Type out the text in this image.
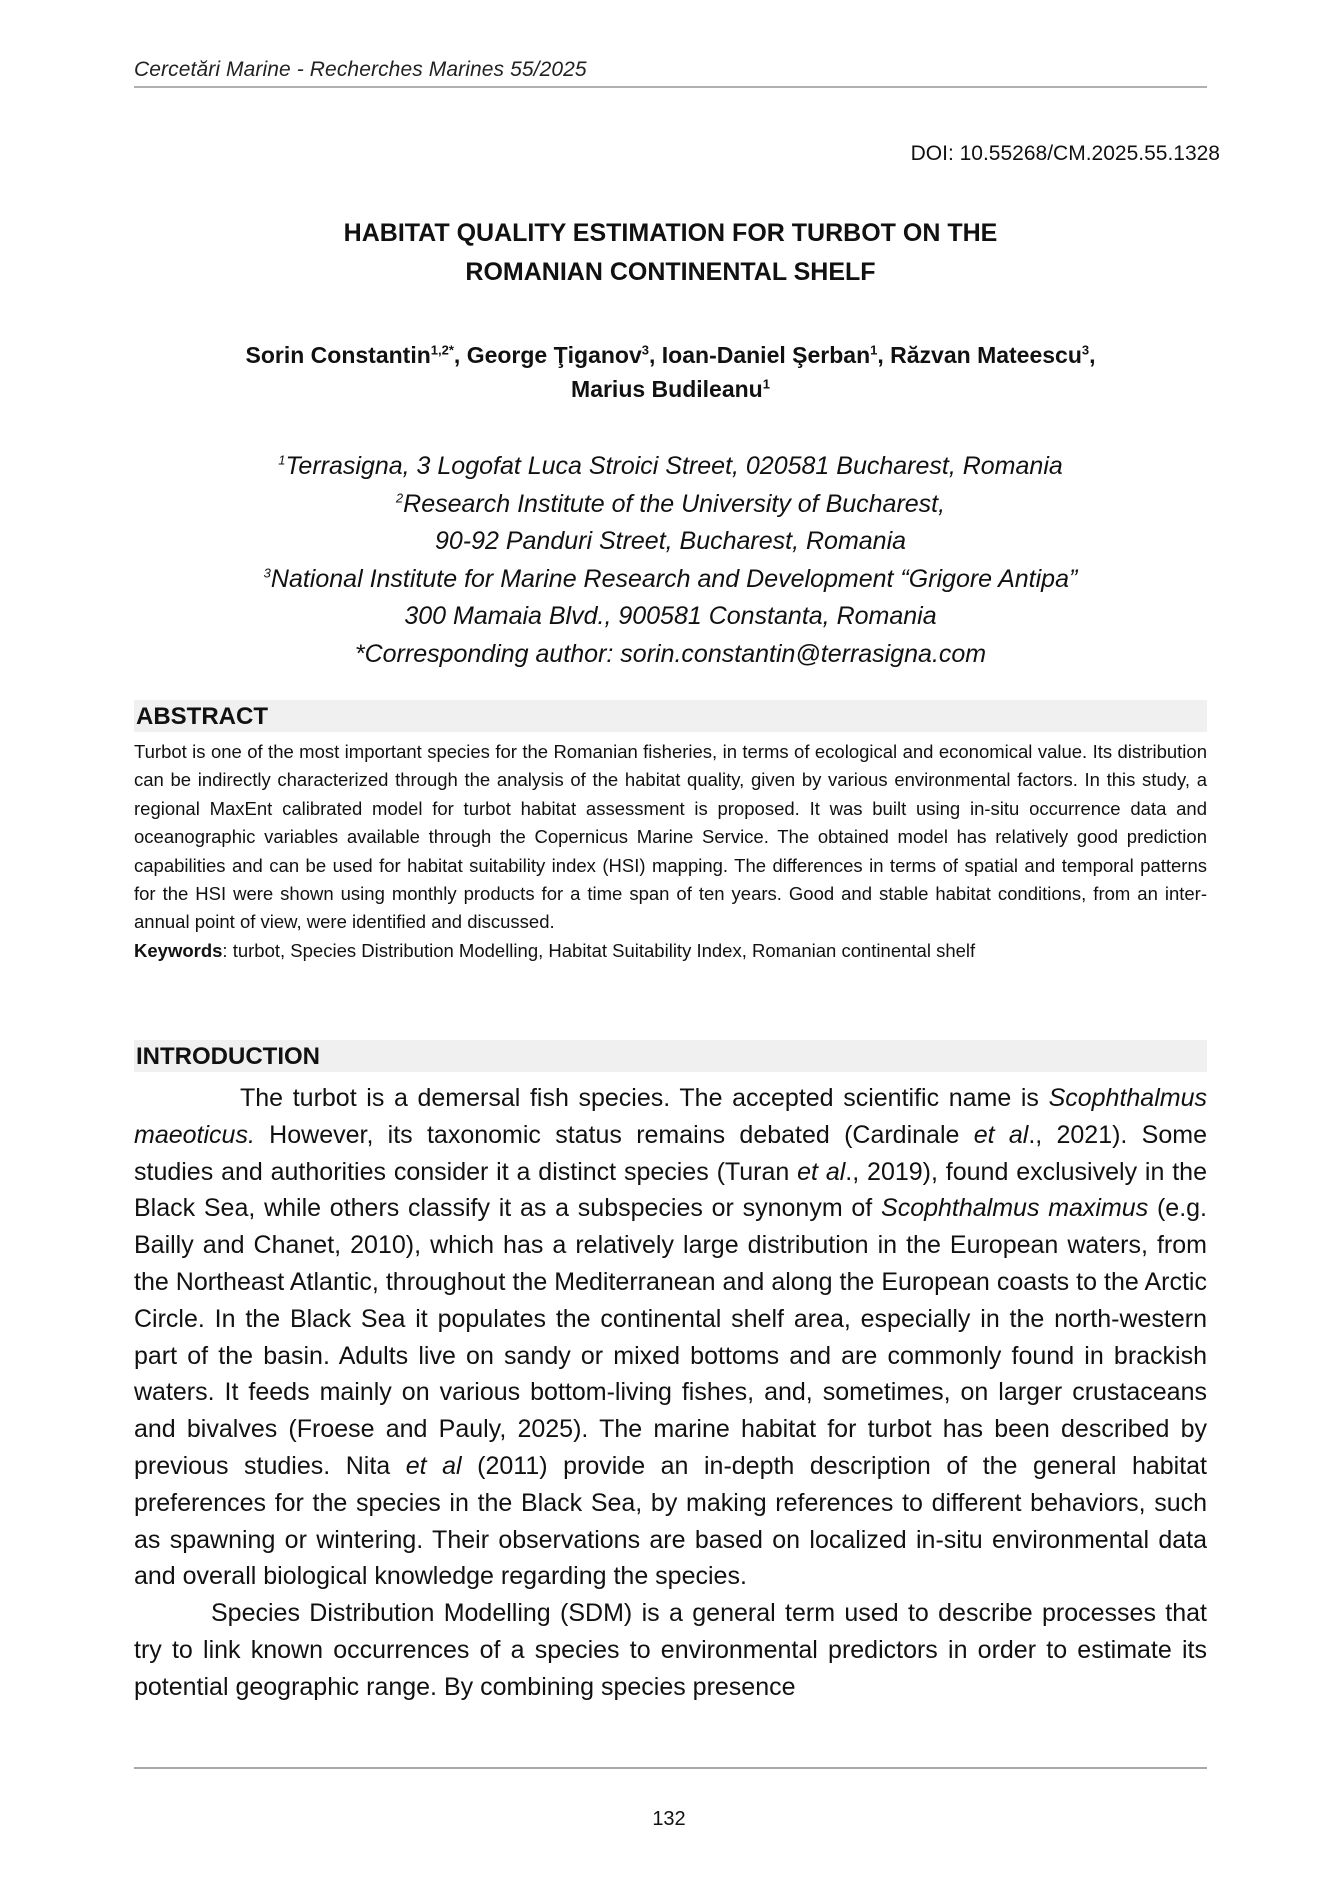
Cercetări Marine - Recherches Marines 55/2025
DOI: 10.55268/CM.2025.55.1328
HABITAT QUALITY ESTIMATION FOR TURBOT ON THE
ROMANIAN CONTINENTAL SHELF
Sorin Constantin$^{1,2*}$, George Ţiganov$^3$, Ioan-Daniel Şerban$^1$, Răzvan Mateescu$^3$,
Marius Budileanu$^1$
$^1$Terrasigna, 3 Logofat Luca Stroici Street, 020581 Bucharest, Romania
$^2$Research Institute of the University of Bucharest,
90-92 Panduri Street, Bucharest, Romania
$^3$National Institute for Marine Research and Development “Grigore Antipa”
300 Mamaia Blvd., 900581 Constanta, Romania
*Corresponding author: sorin.constantin@terrasigna.com
ABSTRACT
Turbot is one of the most important species for the Romanian fisheries, in terms of ecological and economical value. Its distribution can be indirectly characterized through the analysis of the habitat quality, given by various environmental factors. In this study, a regional MaxEnt calibrated model for turbot habitat assessment is proposed. It was built using in-situ occurrence data and oceanographic variables available through the Copernicus Marine Service. The obtained model has relatively good prediction capabilities and can be used for habitat suitability index (HSI) mapping. The differences in terms of spatial and temporal patterns for the HSI were shown using monthly products for a time span of ten years. Good and stable habitat conditions, from an inter-annual point of view, were identified and discussed.
Keywords: turbot, Species Distribution Modelling, Habitat Suitability Index, Romanian continental shelf
INTRODUCTION

The turbot is a demersal fish species. The accepted scientific name is Scophthalmus maeoticus. However, its taxonomic status remains debated (Cardinale et al., 2021). Some studies and authorities consider it a distinct species (Turan et al., 2019), found exclusively in the Black Sea, while others classify it as a subspecies or synonym of Scophthalmus maximus (e.g. Bailly and Chanet, 2010), which has a relatively large distribution in the European waters, from the Northeast Atlantic, throughout the Mediterranean and along the European coasts to the Arctic Circle. In the Black Sea it populates the continental shelf area, especially in the north-western part of the basin. Adults live on sandy or mixed bottoms and are commonly found in brackish waters. It feeds mainly on various bottom-living fishes, and, sometimes, on larger crustaceans and bivalves (Froese and Pauly, 2025). The marine habitat for turbot has been described by previous studies. Nita et al (2011) provide an in-depth description of the general habitat preferences for the species in the Black Sea, by making references to different behaviors, such as spawning or wintering. Their observations are based on localized in-situ environmental data and overall biological knowledge regarding the species.

Species Distribution Modelling (SDM) is a general term used to describe processes that try to link known occurrences of a species to environmental predictors in order to estimate its potential geographic range. By combining species presence

132
